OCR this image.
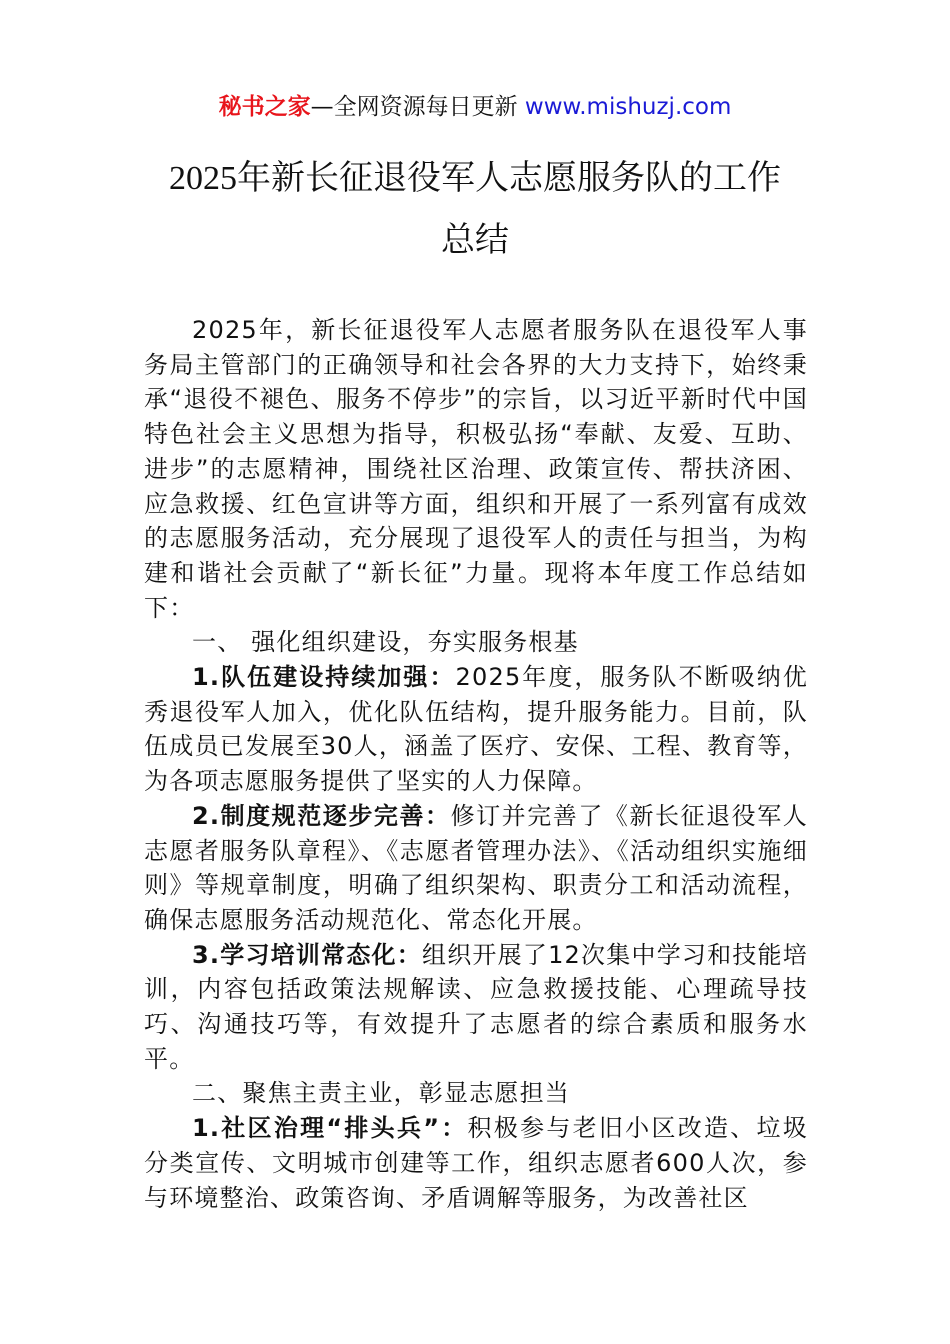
秘书之家—全网资源每日更新 www.mishuzj.com
2025年新长征退役军人志愿服务队的工作
总结

2025年，新长征退役军人志愿者服务队在退役军人事务局主管部门的正确领导和社会各界的大力支持下，始终秉承“退役不褪色、服务不停步”的宗旨，以习近平新时代中国特色社会主义思想为指导，积极弘扬“奉献、友爱、互助、进步”的志愿精神，围绕社区治理、政策宣传、帮扶济困、应急救援、红色宣讲等方面，组织和开展了一系列富有成效的志愿服务活动，充分展现了退役军人的责任与担当，为构建和谐社会贡献了“新长征”力量。现将本年度工作总结如下：

一、 强化组织建设，夯实服务根基

1.队伍建设持续加强：2025年度，服务队不断吸纳优秀退役军人加入，优化队伍结构，提升服务能力。目前，队伍成员已发展至30人，涵盖了医疗、安保、工程、教育等，为各项志愿服务提供了坚实的人力保障。

2.制度规范逐步完善：修订并完善了《新长征退役军人志愿者服务队章程》、《志愿者管理办法》、《活动组织实施细则》等规章制度，明确了组织架构、职责分工和活动流程，确保志愿服务活动规范化、常态化开展。

3.学习培训常态化：组织开展了12次集中学习和技能培训，内容包括政策法规解读、应急救援技能、心理疏导技巧、沟通技巧等，有效提升了志愿者的综合素质和服务水平。

二、聚焦主责主业，彰显志愿担当

1.社区治理“排头兵”：积极参与老旧小区改造、垃圾分类宣传、文明城市创建等工作，组织志愿者600人次，参与环境整治、政策咨询、矛盾调解等服务，为改善社区
